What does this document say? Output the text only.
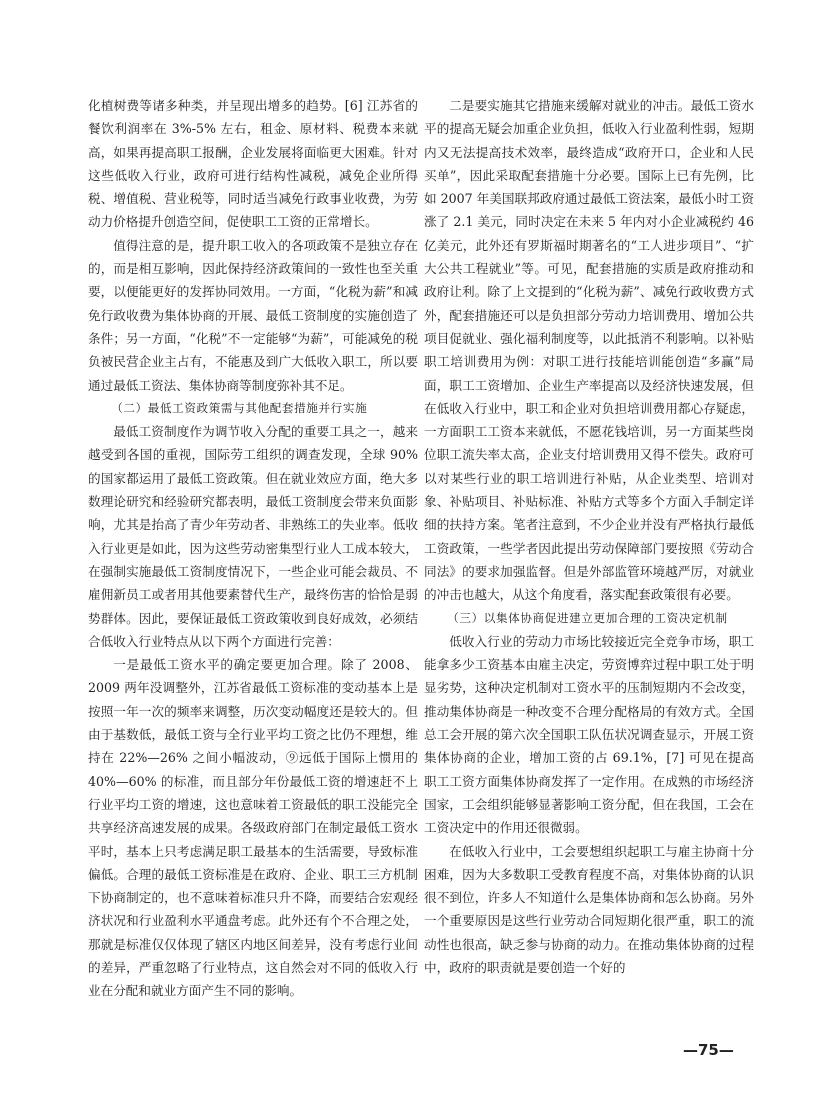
化植树费等诸多种类，并呈现出增多的趋势。[6] 江苏省的餐饮利润率在 3%-5% 左右，租金、原材料、税费本来就高，如果再提高职工报酬，企业发展将面临更大困难。针对这些低收入行业，政府可进行结构性减税，减免企业所得税、增值税、营业税等，同时适当减免行政事业收费，为劳动力价格提升创造空间，促使职工工资的正常增长。

值得注意的是，提升职工收入的各项政策不是独立存在的，而是相互影响，因此保持经济政策间的一致性也至关重要，以便能更好的发挥协同效用。一方面，“化税为薪”和减免行政收费为集体协商的开展、最低工资制度的实施创造了条件；另一方面，“化税”不一定能够“为薪”，可能减免的税负被民营企业主占有，不能惠及到广大低收入职工，所以要通过最低工资法、集体协商等制度弥补其不足。

（二）最低工资政策需与其他配套措施并行实施

最低工资制度作为调节收入分配的重要工具之一，越来越受到各国的重视，国际劳工组织的调查发现，全球 90% 的国家都运用了最低工资政策。但在就业效应方面，绝大多数理论研究和经验研究都表明，最低工资制度会带来负面影响，尤其是抬高了青少年劳动者、非熟练工的失业率。低收入行业更是如此，因为这些劳动密集型行业人工成本较大，在强制实施最低工资制度情况下，一些企业可能会裁员、不雇佣新员工或者用其他要素替代生产，最终伤害的恰恰是弱势群体。因此，要保证最低工资政策收到良好成效，必须结合低收入行业特点从以下两个方面进行完善：

一是最低工资水平的确定要更加合理。除了 2008、2009 两年没调整外，江苏省最低工资标准的变动基本上是按照一年一次的频率来调整，历次变动幅度还是较大的。但由于基数低，最低工资与全行业平均工资之比仍不理想，维持在 22%—26% 之间小幅波动，⑨远低于国际上惯用的 40%—60% 的标准，而且部分年份最低工资的增速赶不上行业平均工资的增速，这也意味着工资最低的职工没能完全共享经济高速发展的成果。各级政府部门在制定最低工资水平时，基本上只考虑满足职工最基本的生活需要，导致标准偏低。合理的最低工资标准是在政府、企业、职工三方机制下协商制定的，也不意味着标准只升不降，而要结合宏观经济状况和行业盈利水平通盘考虑。此外还有个不合理之处，那就是标准仅仅体现了辖区内地区间差异，没有考虑行业间的差异，严重忽略了行业特点，这自然会对不同的低收入行业在分配和就业方面产生不同的影响。

二是要实施其它措施来缓解对就业的冲击。最低工资水平的提高无疑会加重企业负担，低收入行业盈利性弱，短期内又无法提高技术效率，最终造成“政府开口，企业和人民买单”，因此采取配套措施十分必要。国际上已有先例，比如 2007 年美国联邦政府通过最低工资法案，最低小时工资涨了 2.1 美元，同时决定在未来 5 年内对小企业减税约 46 亿美元，此外还有罗斯福时期著名的“工人进步项目”、“扩大公共工程就业”等。可见，配套措施的实质是政府推动和政府让利。除了上文提到的“化税为薪”、减免行政收费方式外，配套措施还可以是负担部分劳动力培训费用、增加公共项目促就业、强化福利制度等，以此抵消不利影响。以补贴职工培训费用为例：对职工进行技能培训能创造“多赢”局面，职工工资增加、企业生产率提高以及经济快速发展，但在低收入行业中，职工和企业对负担培训费用都心存疑虑，一方面职工工资本来就低，不愿花钱培训，另一方面某些岗位职工流失率太高，企业支付培训费用又得不偿失。政府可以对某些行业的职工培训进行补贴，从企业类型、培训对象、补贴项目、补贴标准、补贴方式等多个方面入手制定详细的扶持方案。笔者注意到，不少企业并没有严格执行最低工资政策，一些学者因此提出劳动保障部门要按照《劳动合同法》的要求加强监督。但是外部监管环境越严厉，对就业的冲击也越大，从这个角度看，落实配套政策很有必要。

（三）以集体协商促进建立更加合理的工资决定机制

低收入行业的劳动力市场比较接近完全竞争市场，职工能拿多少工资基本由雇主决定，劳资博弈过程中职工处于明显劣势，这种决定机制对工资水平的压制短期内不会改变，推动集体协商是一种改变不合理分配格局的有效方式。全国总工会开展的第六次全国职工队伍状况调查显示，开展工资集体协商的企业，增加工资的占 69.1%，[7] 可见在提高职工工资方面集体协商发挥了一定作用。在成熟的市场经济国家，工会组织能够显著影响工资分配，但在我国，工会在工资决定中的作用还很微弱。

在低收入行业中，工会要想组织起职工与雇主协商十分困难，因为大多数职工受教育程度不高，对集体协商的认识很不到位，许多人不知道什么是集体协商和怎么协商。另外一个重要原因是这些行业劳动合同短期化很严重，职工的流动性也很高，缺乏参与协商的动力。在推动集体协商的过程中，政府的职责就是要创造一个好的

—75—
